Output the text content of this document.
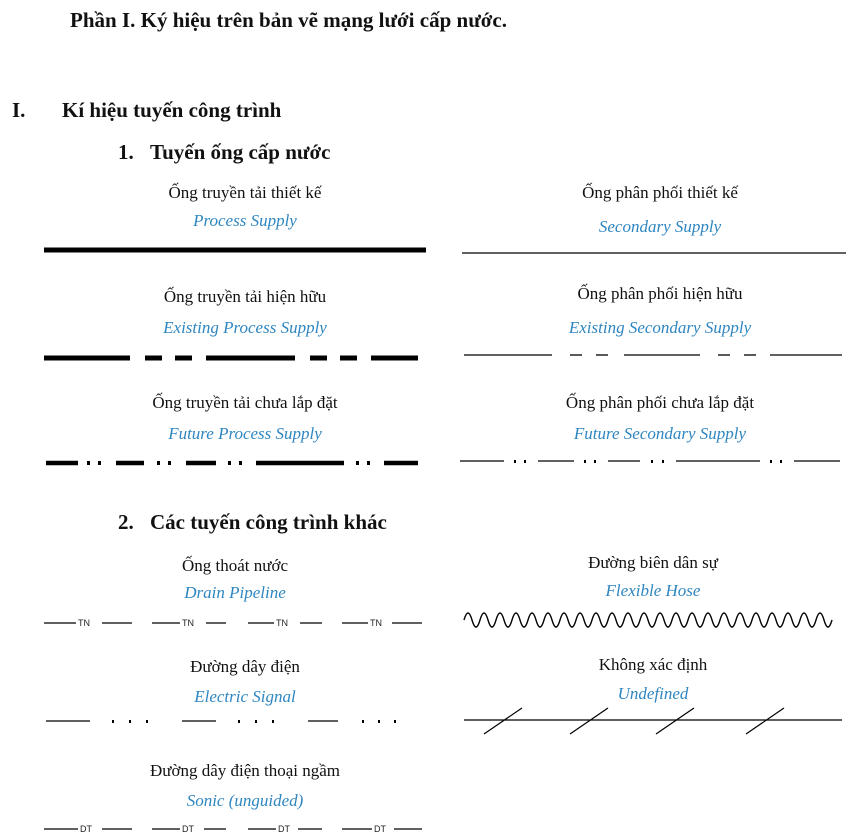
Phần I. Ký hiệu trên bản vẽ mạng lưới cấp nước.
I. Kí hiệu tuyến công trình
1. Tuyến ống cấp nước
Ống truyền tải thiết kế
Process Supply
Ống phân phối thiết kế
Secondary Supply
Ống truyền tải hiện hữu
Existing Process Supply
Ống phân phối hiện hữu
Existing Secondary Supply
Ống truyền tải chưa lắp đặt
Future Process Supply
Ống phân phối chưa lắp đặt
Future Secondary Supply
2. Các tuyến công trình khác
Ống thoát nước
Drain Pipeline
TN	TN	TN	TN
Đường biên dân sự
Flexible Hose
Đường dây điện
Electric Signal
Không xác định
Undefined
Đường dây điện thoại ngầm
Sonic (unguided)
DT	DT	DT	DT
